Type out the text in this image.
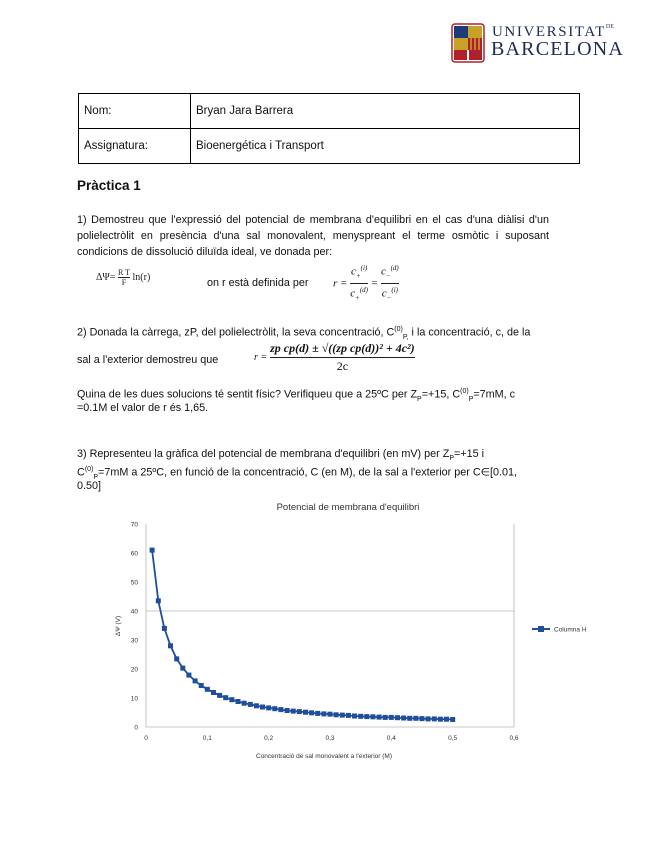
$UNIVERSITAT^{DE}$
BARCELONA
Nom:	Bryan Jara Barrera
Assignatura:	Bioenergética i Transport
Pràctica 1
1) Demostreu que l'expressió del potencial de membrana d'equilibri en el cas d'una diàlisi d'un polielectròlit en presència d'una sal monovalent, menyspreant el terme osmòtic i suposant condicions de dissolució diluïda ideal, ve donada per:
$\Delta\Psi= \frac{\text{R T}}{F} \ln(r)$	on r està definida per $r = \frac{c_+^{(i)}}{c_+^{(d)}} = \frac{c_-^{(d)}}{c_-^{(i)}}$
2) Donada la càrrega, zP, del polielectròlit, la seva concentració, $C^{(0)}_{P,}$ i la concentració, c, de la
sal a l'exterior demostreu que	$r = \frac{\text{zp cp(d) ± √((zp cp(d))² + 4c²)}}{2c}$
Quina de les dues solucions té sentit físic? Verifiqueu que a 25ºC per $Z_P=+15$, $C^{(0)}_P=7mM$, c
=0.1M el valor de r és 1,65.
3) Representeu la gràfica del potencial de membrana d'equilibri (en mV) per $Z_P=+15$ i
$C^{(0)}_P=7mM$ a 25ºC, en funció de la concentració, C (en M), de la sal a l'exterior per C∈[0.01,
0.50]
Potencial de membrana d'equilibri
0
10
20
30
40
50
60
70
0	0,1	0,2	0,3	0,4	0,5	0,6
ΔΨ (V)
Concentració de sal monovalent a l'exterior (M)
Columna H
